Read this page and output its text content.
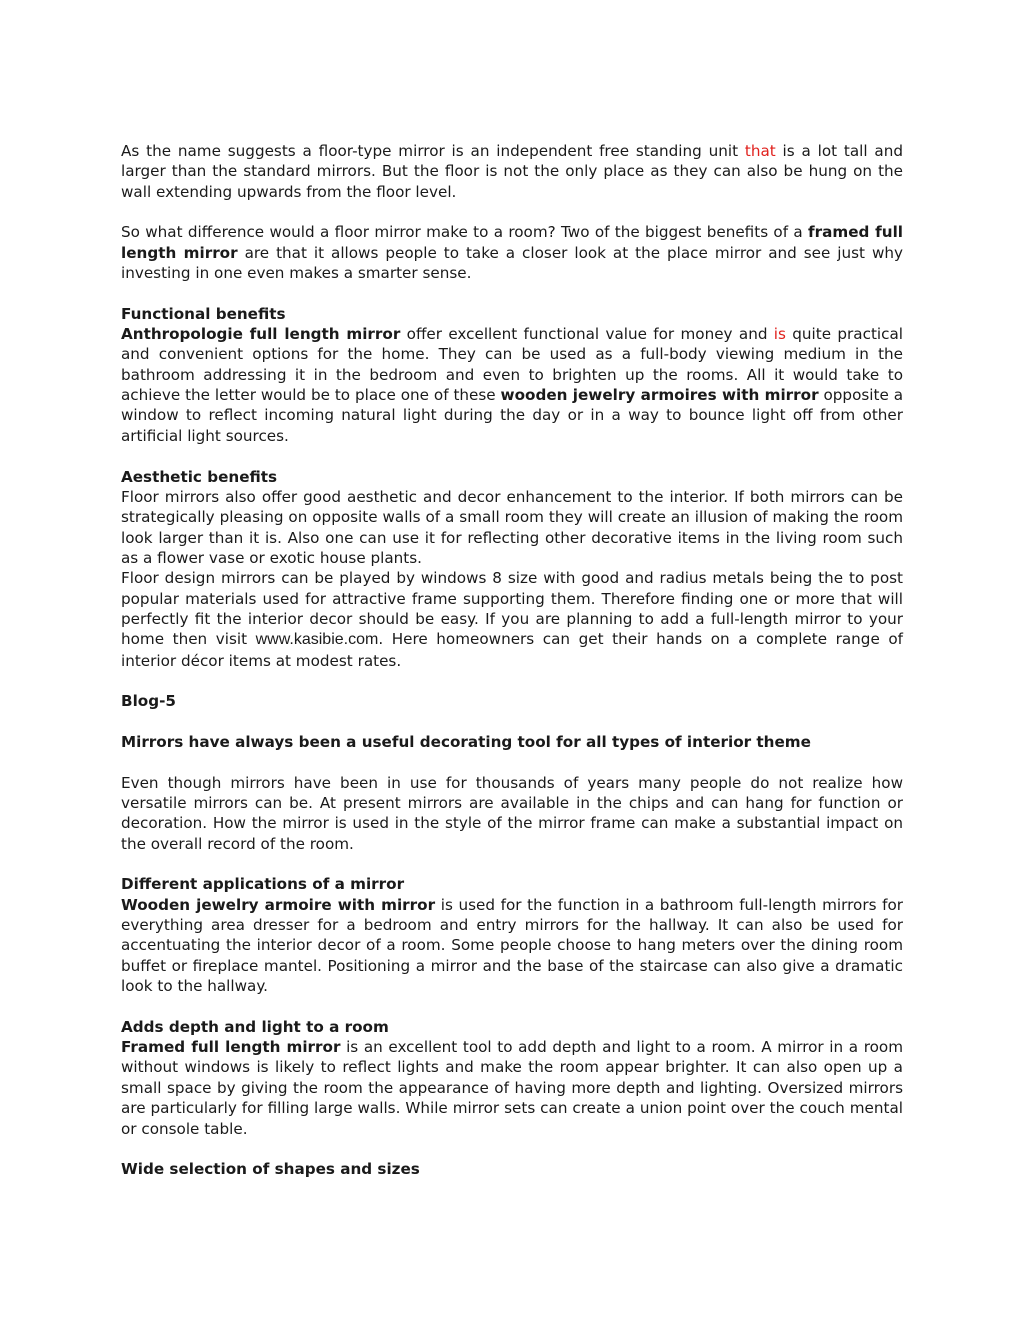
As the name suggests a floor-type mirror is an independent free standing unit that is a lot tall and larger than the standard mirrors. But the floor is not the only place as they can also be hung on the wall extending upwards from the floor level.

So what difference would a floor mirror make to a room? Two of the biggest benefits of a framed full length mirror are that it allows people to take a closer look at the place mirror and see just why investing in one even makes a smarter sense.

Functional benefits

Anthropologie full length mirror offer excellent functional value for money and is quite practical and convenient options for the home. They can be used as a full-body viewing medium in the bathroom addressing it in the bedroom and even to brighten up the rooms. All it would take to achieve the letter would be to place one of these wooden jewelry armoires with mirror opposite a window to reflect incoming natural light during the day or in a way to bounce light off from other artificial light sources.

Aesthetic benefits

Floor mirrors also offer good aesthetic and decor enhancement to the interior. If both mirrors can be strategically pleasing on opposite walls of a small room they will create an illusion of making the room look larger than it is. Also one can use it for reflecting other decorative items in the living room such as a flower vase or exotic house plants.

Floor design mirrors can be played by windows 8 size with good and radius metals being the to post popular materials used for attractive frame supporting them. Therefore finding one or more that will perfectly fit the interior decor should be easy. If you are planning to add a full-length mirror to your home then visit www.kasibie.com. Here homeowners can get their hands on a complete range of interior décor items at modest rates.

Blog-5

Mirrors have always been a useful decorating tool for all types of interior theme

Even though mirrors have been in use for thousands of years many people do not realize how versatile mirrors can be. At present mirrors are available in the chips and can hang for function or decoration. How the mirror is used in the style of the mirror frame can make a substantial impact on the overall record of the room.

Different applications of a mirror

Wooden jewelry armoire with mirror is used for the function in a bathroom full-length mirrors for everything area dresser for a bedroom and entry mirrors for the hallway. It can also be used for accentuating the interior decor of a room. Some people choose to hang meters over the dining room buffet or fireplace mantel. Positioning a mirror and the base of the staircase can also give a dramatic look to the hallway.

Adds depth and light to a room

Framed full length mirror is an excellent tool to add depth and light to a room. A mirror in a room without windows is likely to reflect lights and make the room appear brighter. It can also open up a small space by giving the room the appearance of having more depth and lighting. Oversized mirrors are particularly for filling large walls. While mirror sets can create a union point over the couch mental or console table.

Wide selection of shapes and sizes
